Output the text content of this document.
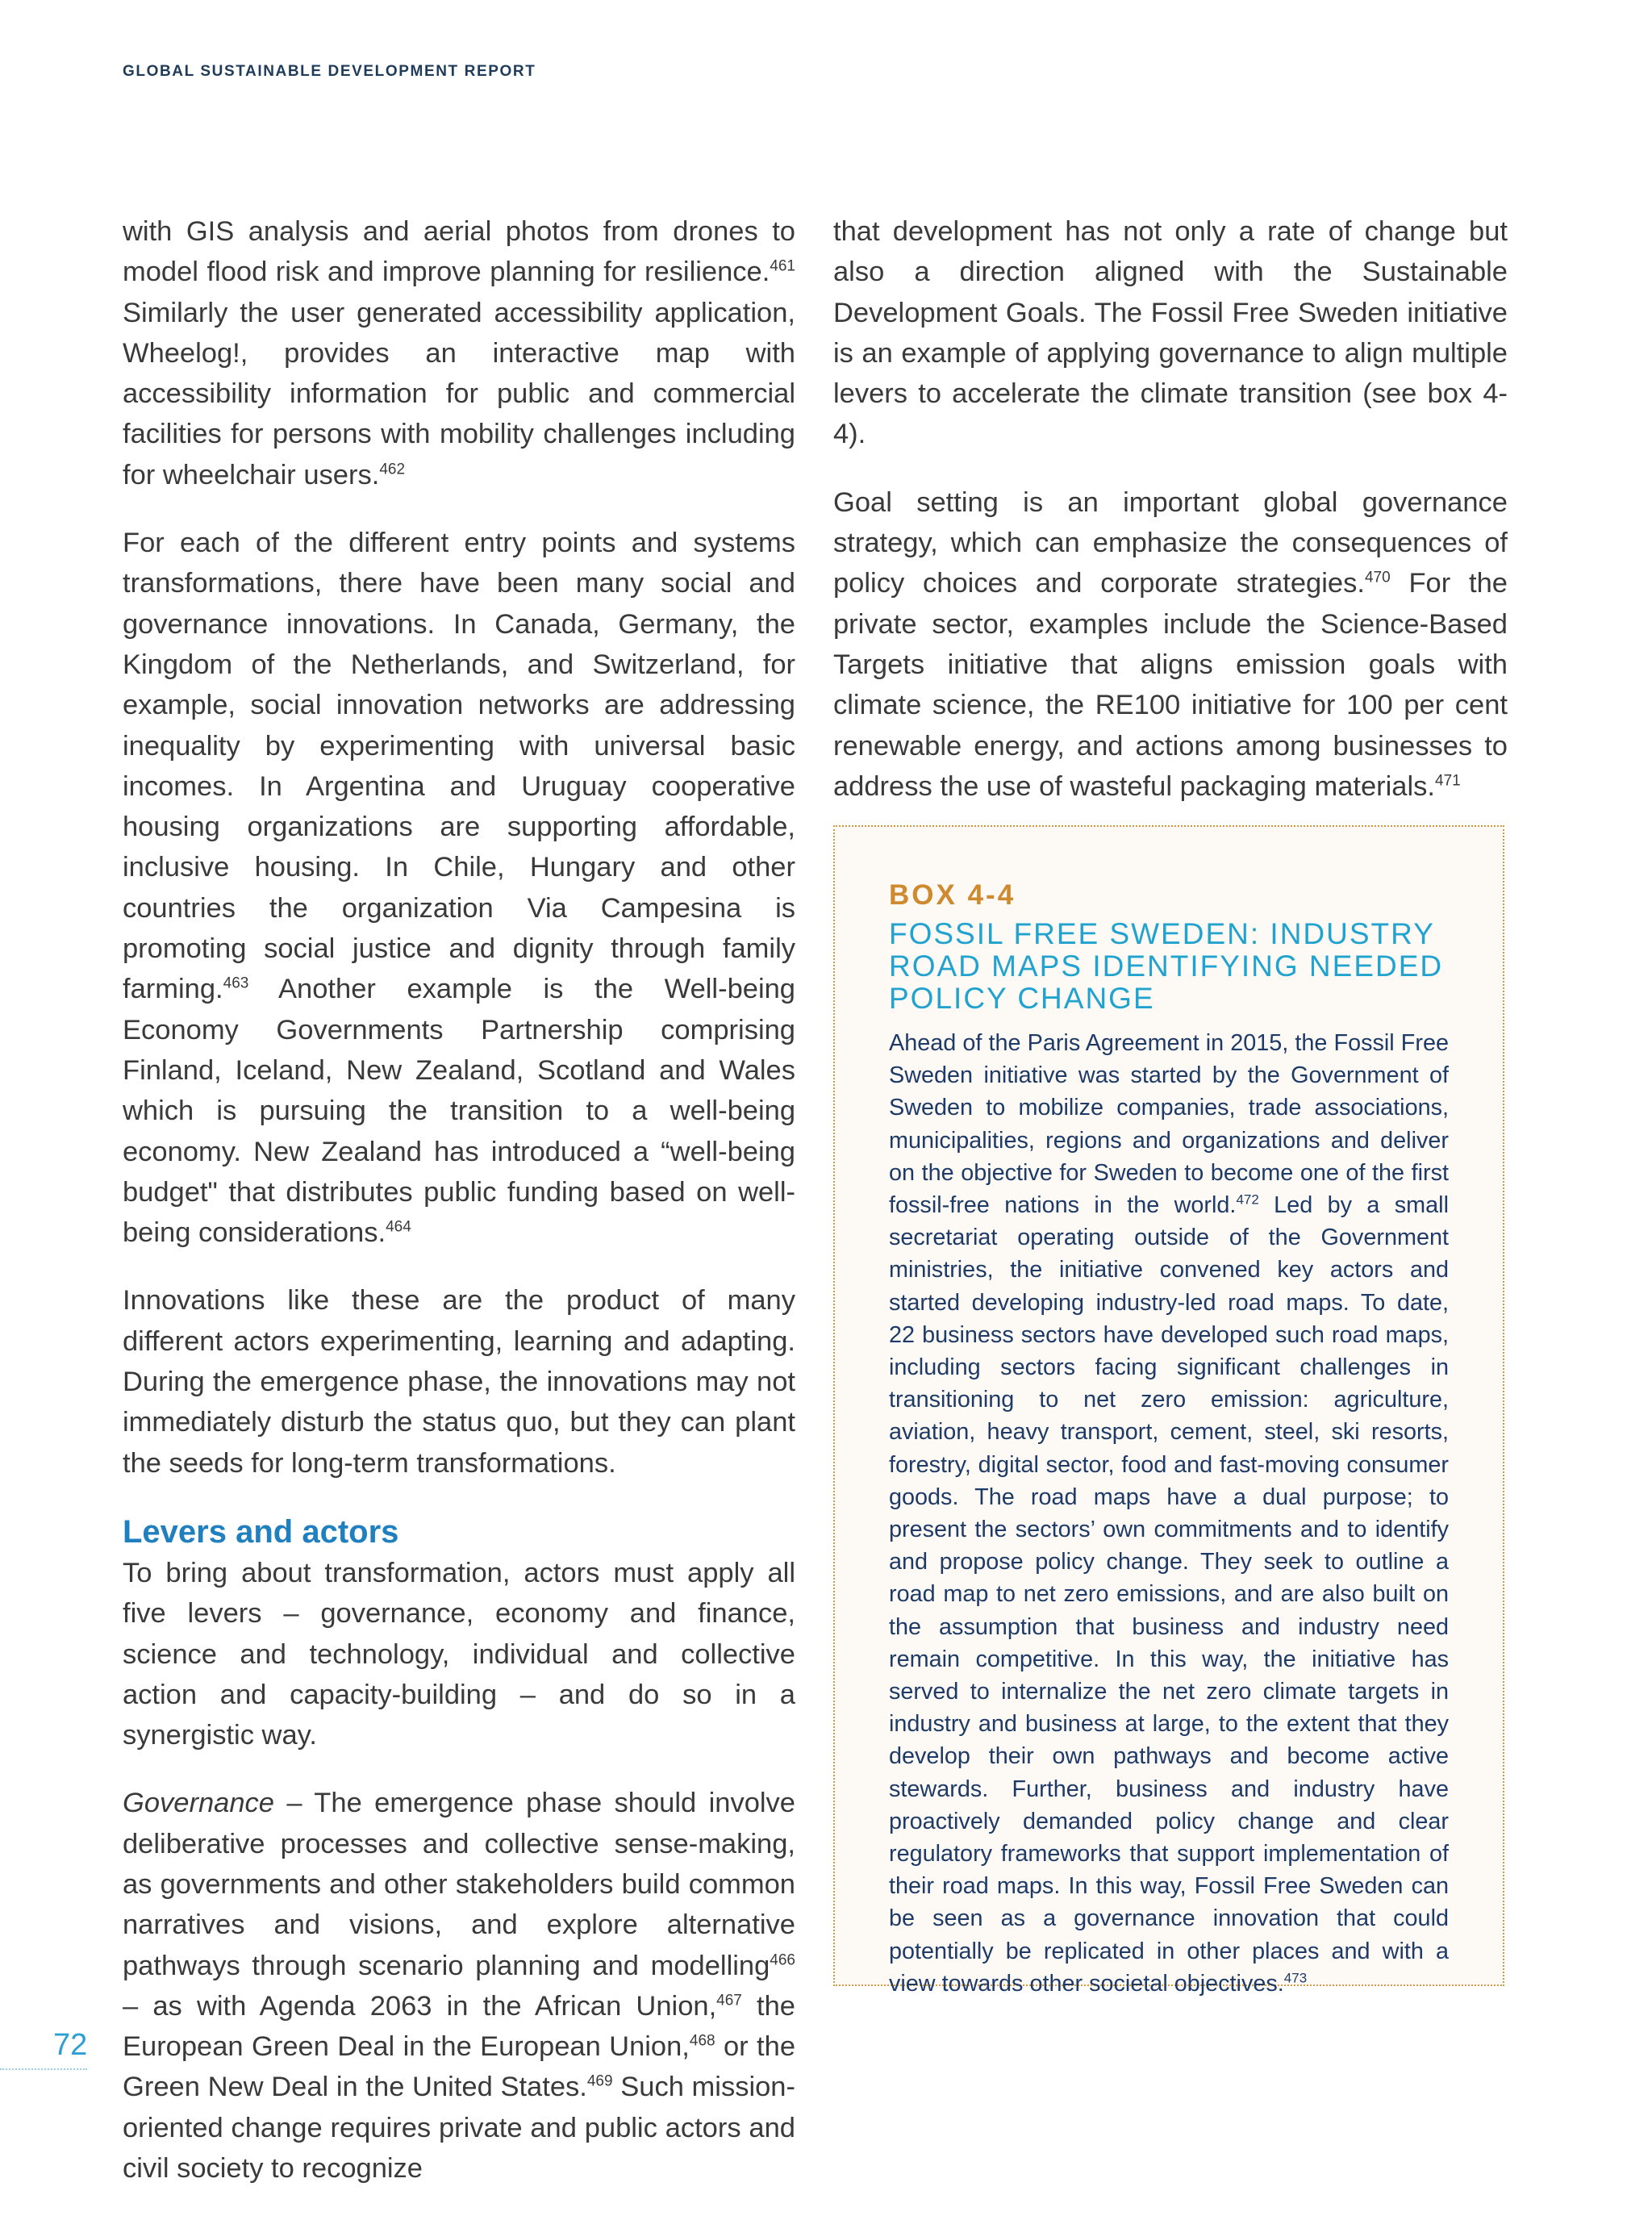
GLOBAL SUSTAINABLE DEVELOPMENT REPORT

with GIS analysis and aerial photos from drones to model flood risk and improve planning for resilience.$^{461}$ Similarly the user generated accessibility application, Wheelog!, provides an interactive map with accessibility information for public and commercial facilities for persons with mobility challenges including for wheelchair users.$^{462}$

For each of the different entry points and systems transformations, there have been many social and governance innovations. In Canada, Germany, the Kingdom of the Netherlands, and Switzerland, for example, social innovation networks are addressing inequality by experimenting with universal basic incomes. In Argentina and Uruguay cooperative housing organizations are supporting affordable, inclusive housing. In Chile, Hungary and other countries the organization Via Campesina is promoting social justice and dignity through family farming.$^{463}$ Another example is the Well-being Economy Governments Partnership comprising Finland, Iceland, New Zealand, Scotland and Wales which is pursuing the transition to a well-being economy. New Zealand has introduced a “well-being budget" that distributes public funding based on well-being considerations.$^{464}$

Innovations like these are the product of many different actors experimenting, learning and adapting. During the emergence phase, the innovations may not immediately disturb the status quo, but they can plant the seeds for long-term transformations.

Levers and actors

To bring about transformation, actors must apply all five levers – governance, economy and finance, science and technology, individual and collective action and capacity-building – and do so in a synergistic way.

Governance – The emergence phase should involve deliberative processes and collective sense-making, as governments and other stakeholders build common narratives and visions, and explore alternative pathways through scenario planning and modelling$^{466}$ – as with Agenda 2063 in the African Union,$^{467}$ the European Green Deal in the European Union,$^{468}$ or the Green New Deal in the United States.$^{469}$ Such mission-oriented change requires private and public actors and civil society to recognize

that development has not only a rate of change but also a direction aligned with the Sustainable Development Goals. The Fossil Free Sweden initiative is an example of applying governance to align multiple levers to accelerate the climate transition (see box 4-4).

Goal setting is an important global governance strategy, which can emphasize the consequences of policy choices and corporate strategies.$^{470}$ For the private sector, examples include the Science-Based Targets initiative that aligns emission goals with climate science, the RE100 initiative for 100 per cent renewable energy, and actions among businesses to address the use of wasteful packaging materials.$^{471}$

BOX 4-4
FOSSIL FREE SWEDEN: INDUSTRY ROAD MAPS IDENTIFYING NEEDED POLICY CHANGE

Ahead of the Paris Agreement in 2015, the Fossil Free Sweden initiative was started by the Government of Sweden to mobilize companies, trade associations, municipalities, regions and organizations and deliver on the objective for Sweden to become one of the first fossil-free nations in the world.$^{472}$ Led by a small secretariat operating outside of the Government ministries, the initiative convened key actors and started developing industry-led road maps. To date, 22 business sectors have developed such road maps, including sectors facing significant challenges in transitioning to net zero emission: agriculture, aviation, heavy transport, cement, steel, ski resorts, forestry, digital sector, food and fast-moving consumer goods. The road maps have a dual purpose; to present the sectors’ own commitments and to identify and propose policy change. They seek to outline a road map to net zero emissions, and are also built on the assumption that business and industry need remain competitive. In this way, the initiative has served to internalize the net zero climate targets in industry and business at large, to the extent that they develop their own pathways and become active stewards. Further, business and industry have proactively demanded policy change and clear regulatory frameworks that support implementation of their road maps. In this way, Fossil Free Sweden can be seen as a governance innovation that could potentially be replicated in other places and with a view towards other societal objectives.$^{473}$

72
